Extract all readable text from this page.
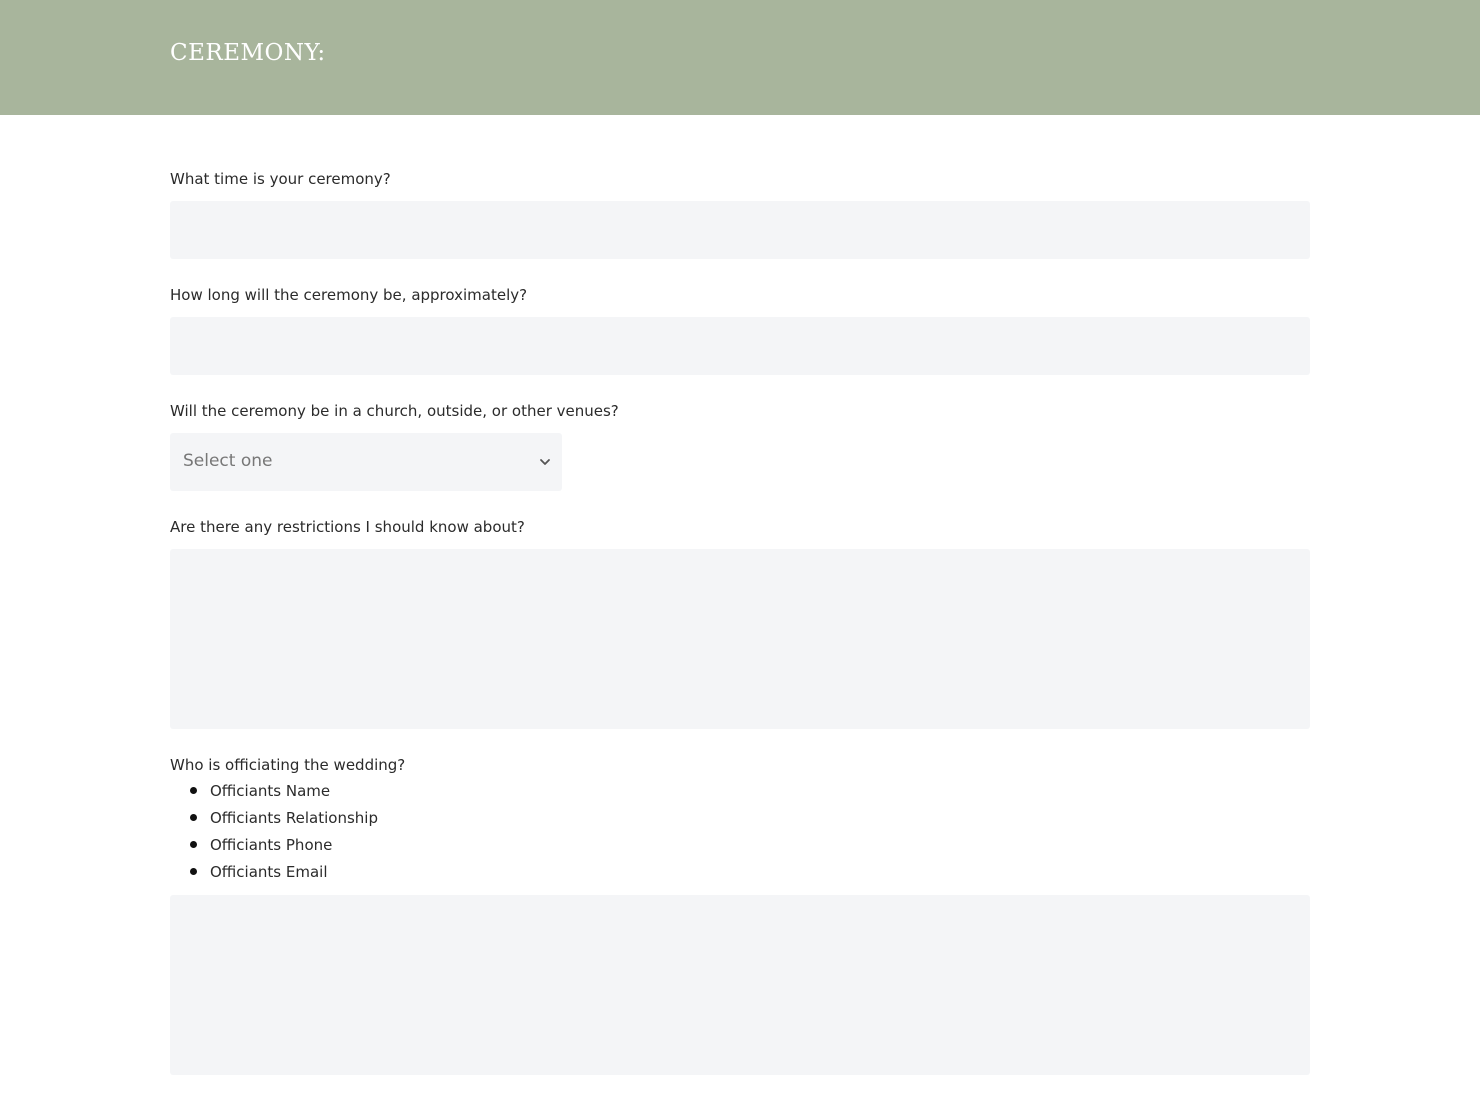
CEREMONY:
What time is your ceremony?
How long will the ceremony be, approximately?
Will the ceremony be in a church, outside, or other venues?
Select one
Are there any restrictions I should know about?
Who is officiating the wedding?
Officiants Name
Officiants Relationship
Officiants Phone
Officiants Email
